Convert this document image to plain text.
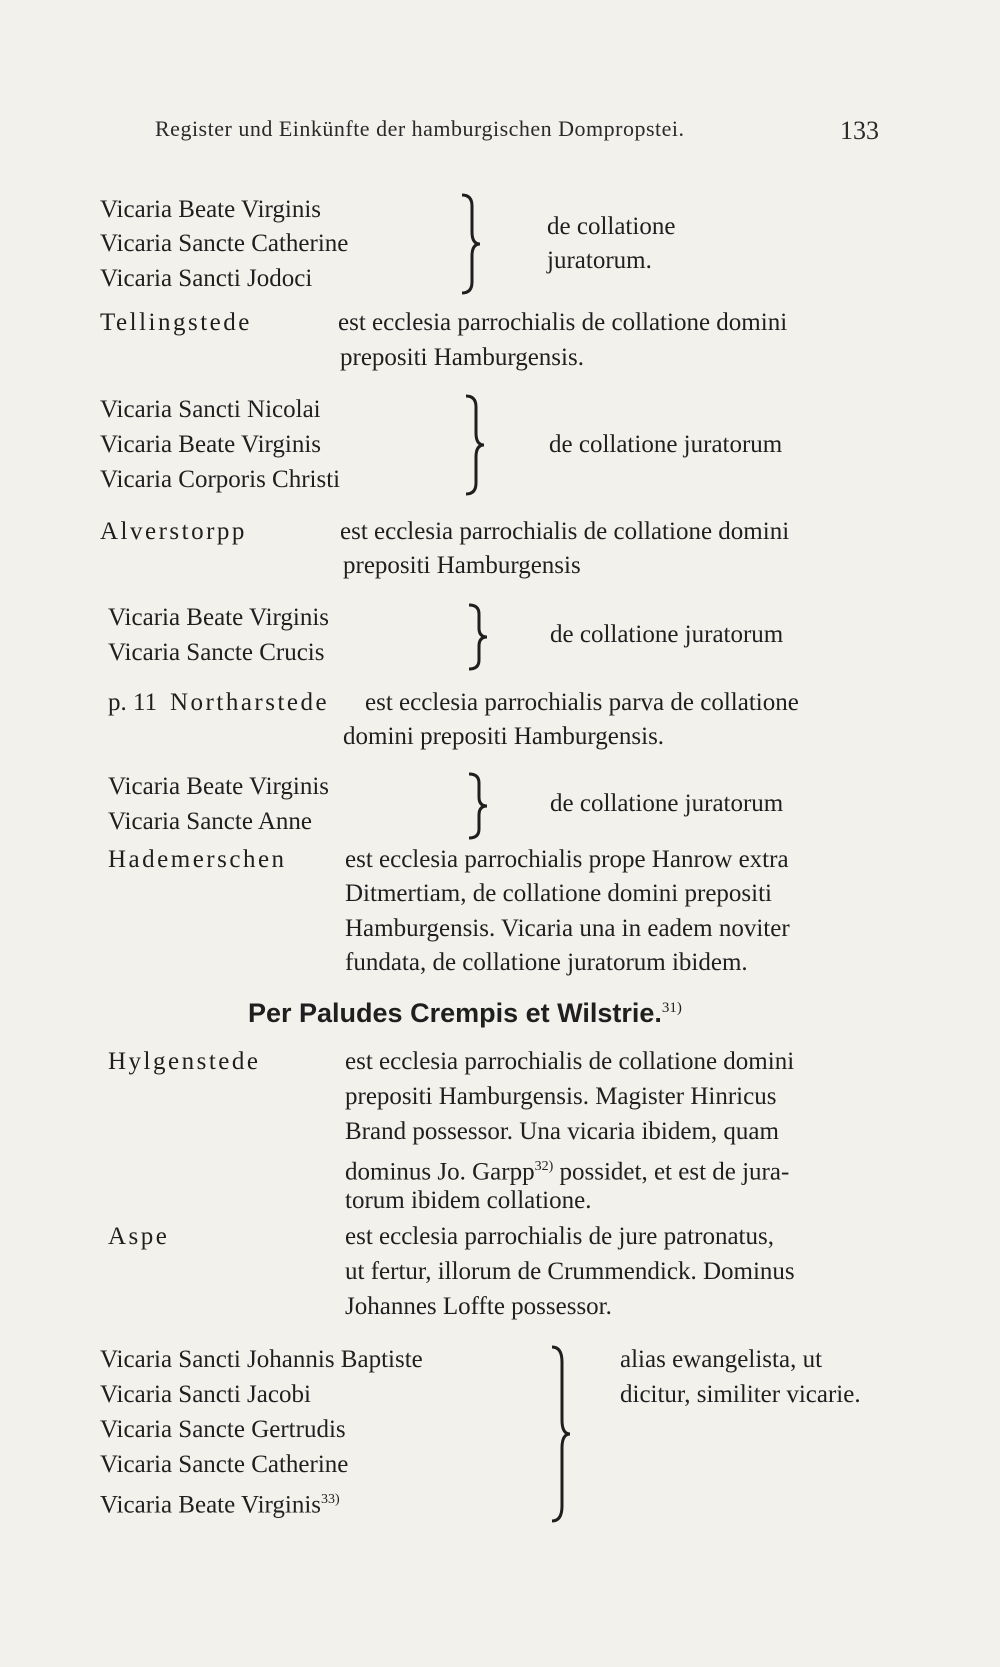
Register und Einkünfte der hamburgischen Dompropstei.	133
Vicaria Beate Virginis
Vicaria Sancte Catherine
Vicaria Sancti Jodoci
de collatione
juratorum.
Tellingstede	est ecclesia parrochialis de collatione domini
prepositi Hamburgensis.
Vicaria Sancti Nicolai
Vicaria Beate Virginis
Vicaria Corporis Christi
de collatione juratorum
Alverstorpp	est ecclesia parrochialis de collatione domini
prepositi Hamburgensis
Vicaria Beate Virginis
Vicaria Sancte Crucis
de collatione juratorum
p. 11 Northarstede est ecclesia parrochialis parva de collatione
domini prepositi Hamburgensis.
Vicaria Beate Virginis
Vicaria Sancte Anne
de collatione juratorum
Hademerschen est ecclesia parrochialis prope Hanrow extra
Ditmertiam, de collatione domini prepositi
Hamburgensis. Vicaria una in eadem noviter
fundata, de collatione juratorum ibidem.
Per Paludes Crempis et Wilstrie.$^{31)}$
Hylgenstede	est ecclesia parrochialis de collatione domini
prepositi Hamburgensis. Magister Hinricus
Brand possessor. Una vicaria ibidem, quam
dominus Jo. Garpp$^{32)}$ possidet, et est de jura-
torum ibidem collatione.
Aspe	est ecclesia parrochialis de jure patronatus,
ut fertur, illorum de Crummendick. Dominus
Johannes Loffte possessor.
Vicaria Sancti Johannis Baptiste
Vicaria Sancti Jacobi
Vicaria Sancte Gertrudis
Vicaria Sancte Catherine
Vicaria Beate Virginis$^{33)}$
alias ewangelista, ut
dicitur, similiter vicarie.
